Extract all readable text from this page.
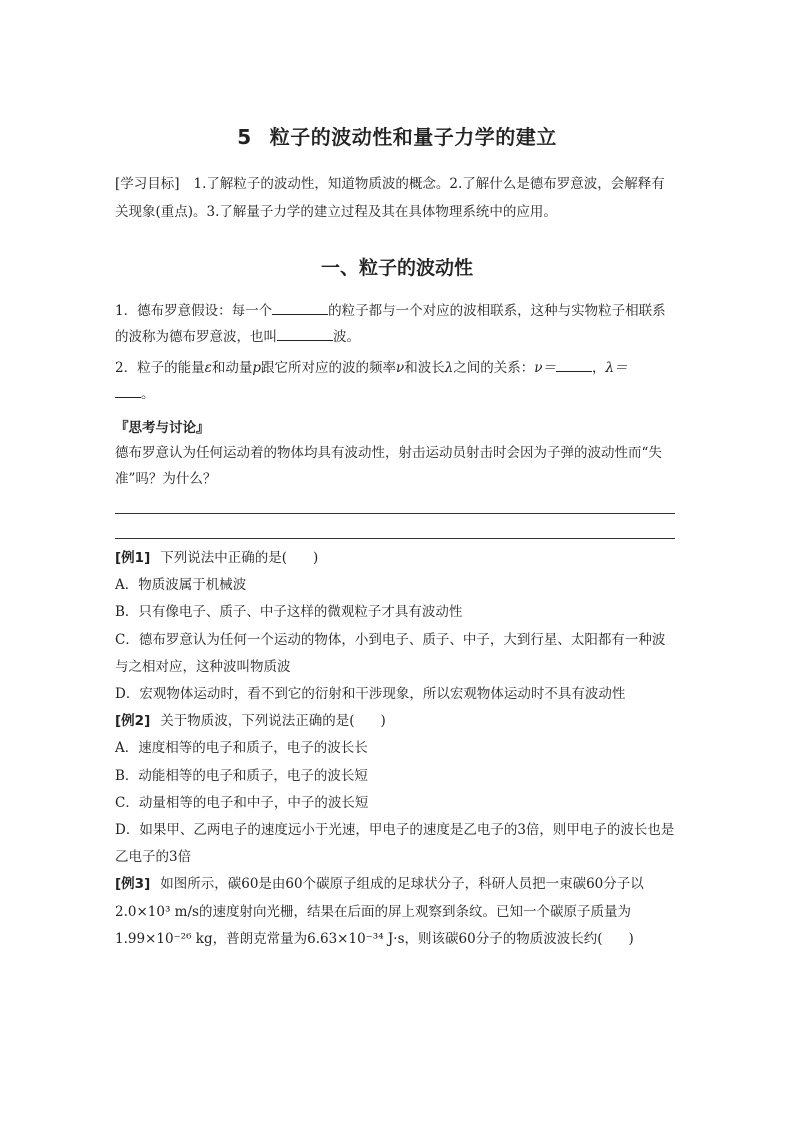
5 粒子的波动性和量子力学的建立
[学习目标] 1.了解粒子的波动性，知道物质波的概念。2.了解什么是德布罗意波，会解释有关现象(重点)。3.了解量子力学的建立过程及其在具体物理系统中的应用。
一、粒子的波动性
1．德布罗意假设：每一个	的粒子都与一个对应的波相联系，这种与实物粒子相联系的波称为德布罗意波，也叫	波。
2．粒子的能量ε和动量p跟它所对应的波的频率ν和波长λ之间的关系：ν＝	，λ＝
。
『思考与讨论』
德布罗意认为任何运动着的物体均具有波动性，射击运动员射击时会因为子弹的波动性而“失准”吗？为什么？
[例1] 下列说法中正确的是( )
A．物质波属于机械波
B．只有像电子、质子、中子这样的微观粒子才具有波动性
C．德布罗意认为任何一个运动的物体，小到电子、质子、中子，大到行星、太阳都有一种波与之相对应，这种波叫物质波
D．宏观物体运动时，看不到它的衍射和干涉现象，所以宏观物体运动时不具有波动性
[例2] 关于物质波，下列说法正确的是( )
A．速度相等的电子和质子，电子的波长长
B．动能相等的电子和质子，电子的波长短
C．动量相等的电子和中子，中子的波长短
D．如果甲、乙两电子的速度远小于光速，甲电子的速度是乙电子的3倍，则甲电子的波长也是乙电子的3倍
[例3] 如图所示，碳60是由60个碳原子组成的足球状分子，科研人员把一束碳60分子以2.0×10³ m/s的速度射向光栅，结果在后面的屏上观察到条纹。已知一个碳原子质量为1.99×10⁻²⁶ kg，普朗克常量为6.63×10⁻³⁴ J·s，则该碳60分子的物质波波长约( )
